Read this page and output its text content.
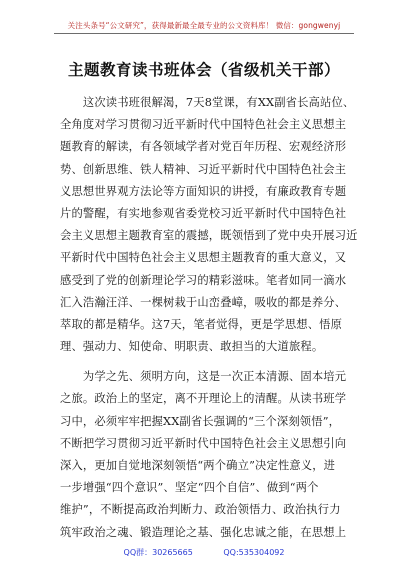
关注头条号“公文研究”，获得最新最全最专业的公文资料库！ 微信：gongwenyj
主题教育读书班体会（省级机关干部）
　　这次读书班很解渴，7天8堂课，有XX副省长高站位、
全角度对学习贯彻习近平新时代中国特色社会主义思想主
题教育的解读，有各领域学者对党百年历程、宏观经济形
势、创新思维、铁人精神、习近平新时代中国特色社会主
义思想世界观方法论等方面知识的讲授，有廉政教育专题
片的警醒，有实地参观省委党校习近平新时代中国特色社
会主义思想主题教育室的震撼，既领悟到了党中央开展习近
平新时代中国特色社会主义思想主题教育的重大意义，又
感受到了党的创新理论学习的精彩滋味。笔者如同一滴水
汇入浩瀚汪洋、一棵树栽于山峦叠嶂，吸收的都是养分、
萃取的都是精华。这7天，笔者觉得，更是学思想、悟原
理、强动力、知使命、明职责、敢担当的大道旅程。
　　为学之先、须明方向，这是一次正本清源、固本培元
之旅。政治上的坚定，离不开理论上的清醒。从读书班学
习中，必须牢牢把握XX副省长强调的“三个深刻领悟”，
不断把学习贯彻习近平新时代中国特色社会主义思想引向
深入，更加自觉地深刻领悟“两个确立”决定性意义，进
一步增强“四个意识”、坚定“四个自信”、做到“两个
维护”，不断提高政治判断力、政治领悟力、政治执行力
筑牢政治之魂、锻造理论之基、强化忠诚之能，在思想上
QQ群：30265665	QQ:535304092
